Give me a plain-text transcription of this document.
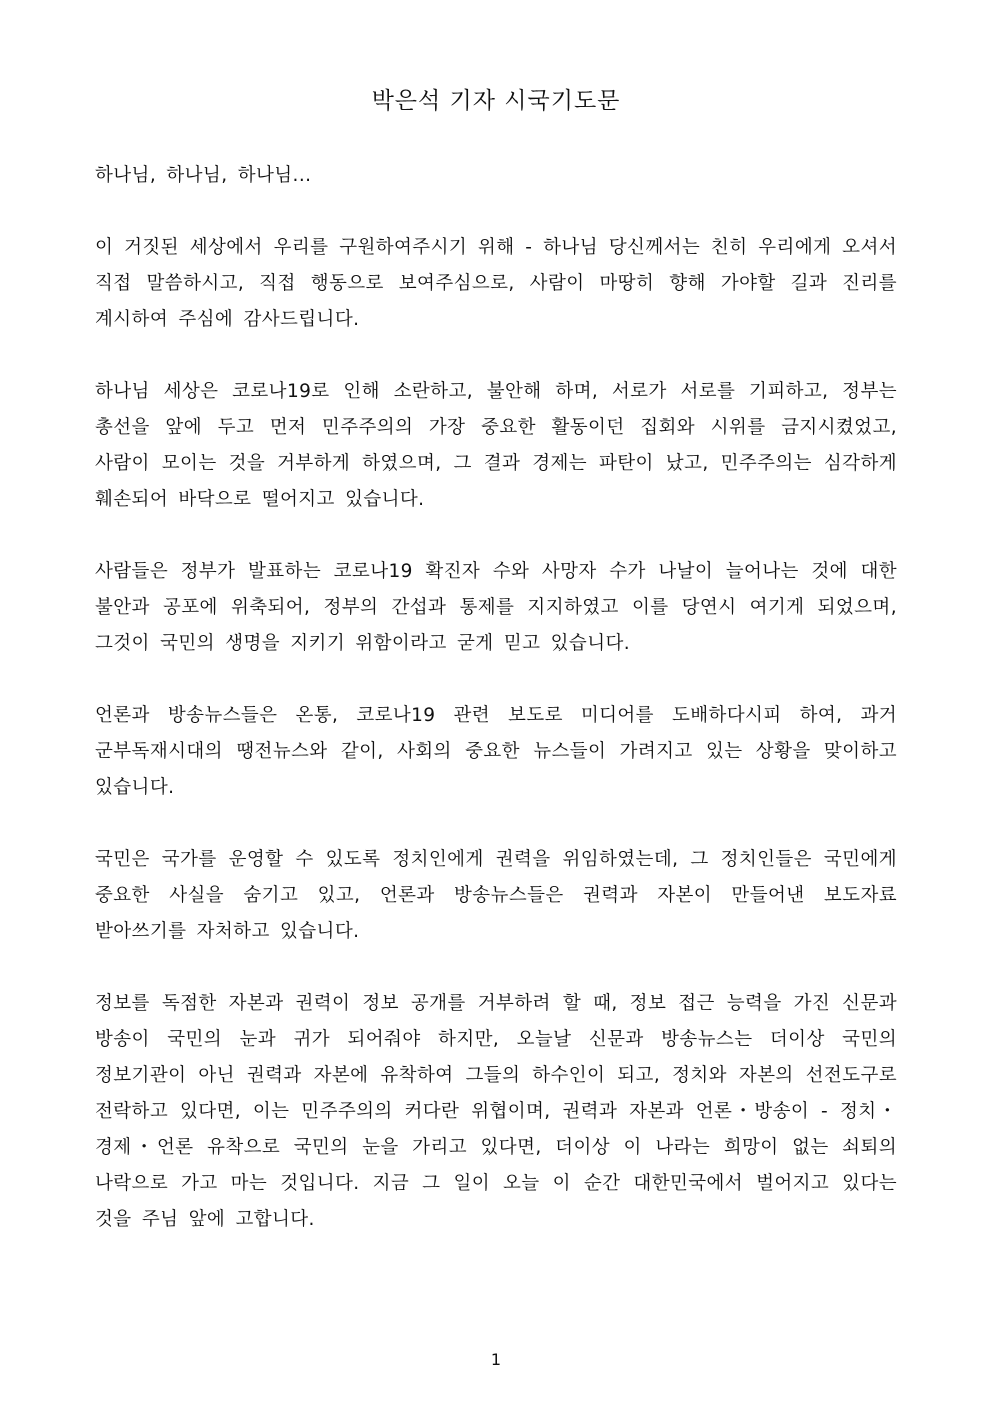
박은석 기자 시국기도문

하나님, 하나님, 하나님...

이 거짓된 세상에서 우리를 구원하여주시기 위해 - 하나님 당신께서는 친히 우리에게 오셔서 직접 말씀하시고, 직접 행동으로 보여주심으로, 사람이 마땅히 향해 가야할 길과 진리를 계시하여 주심에 감사드립니다.

하나님 세상은 코로나19로 인해 소란하고, 불안해 하며, 서로가 서로를 기피하고, 정부는 총선을 앞에 두고 먼저 민주주의의 가장 중요한 활동이던 집회와 시위를 금지시켰었고, 사람이 모이는 것을 거부하게 하였으며, 그 결과 경제는 파탄이 났고, 민주주의는 심각하게 훼손되어 바닥으로 떨어지고 있습니다.

사람들은 정부가 발표하는 코로나19 확진자 수와 사망자 수가 나날이 늘어나는 것에 대한 불안과 공포에 위축되어, 정부의 간섭과 통제를 지지하였고 이를 당연시 여기게 되었으며, 그것이 국민의 생명을 지키기 위함이라고 굳게 믿고 있습니다.

언론과 방송뉴스들은 온통, 코로나19 관련 보도로 미디어를 도배하다시피 하여, 과거 군부독재시대의 땡전뉴스와 같이, 사회의 중요한 뉴스들이 가려지고 있는 상황을 맞이하고 있습니다.

국민은 국가를 운영할 수 있도록 정치인에게 권력을 위임하였는데, 그 정치인들은 국민에게 중요한 사실을 숨기고 있고, 언론과 방송뉴스들은 권력과 자본이 만들어낸 보도자료 받아쓰기를 자처하고 있습니다.

정보를 독점한 자본과 권력이 정보 공개를 거부하려 할 때, 정보 접근 능력을 가진 신문과 방송이 국민의 눈과 귀가 되어줘야 하지만, 오늘날 신문과 방송뉴스는 더이상 국민의 정보기관이 아닌 권력과 자본에 유착하여 그들의 하수인이 되고, 정치와 자본의 선전도구로 전락하고 있다면, 이는 민주주의의 커다란 위협이며, 권력과 자본과 언론・방송이 - 정치・경제・언론 유착으로 국민의 눈을 가리고 있다면, 더이상 이 나라는 희망이 없는 쇠퇴의 나락으로 가고 마는 것입니다. 지금 그 일이 오늘 이 순간 대한민국에서 벌어지고 있다는 것을 주님 앞에 고합니다.

1
